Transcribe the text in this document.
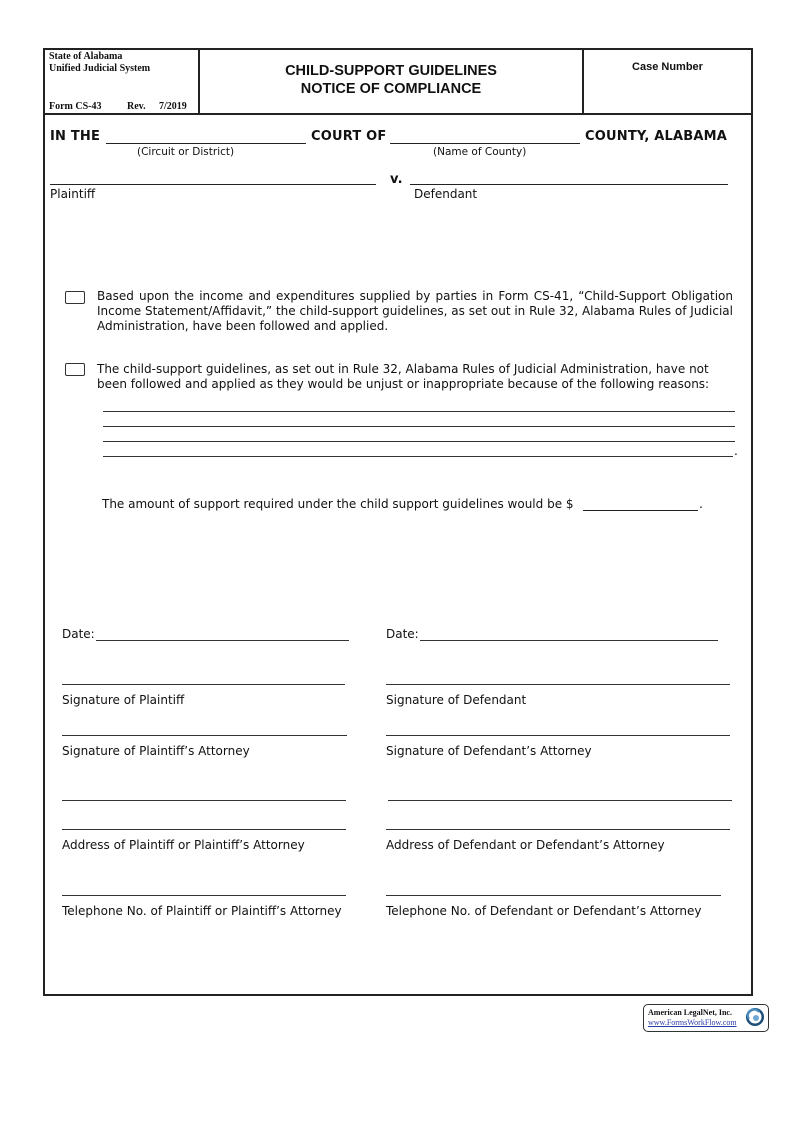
State of Alabama
Unified Judicial System
Form CS-43	Rev. 7/2019
CHILD-SUPPORT GUIDELINES
NOTICE OF COMPLIANCE
Case Number
IN THE	COURT OF	COUNTY, ALABAMA
(Circuit or District)	(Name of County)
v.
Plaintiff	Defendant
Based upon the income and expenditures supplied by parties in Form CS-41, “Child-Support Obligation Income Statement/Affidavit,” the child-support guidelines, as set out in Rule 32, Alabama Rules of Judicial Administration, have been followed and applied.
The child-support guidelines, as set out in Rule 32, Alabama Rules of Judicial Administration, have not been followed and applied as they would be unjust or inappropriate because of the following reasons:
.
The amount of support required under the child support guidelines would be $	.
Date:
Signature of Plaintiff
Signature of Plaintiff’s Attorney
Address of Plaintiff or Plaintiff’s Attorney
Telephone No. of Plaintiff or Plaintiff’s Attorney
Date:
Signature of Defendant
Signature of Defendant’s Attorney
Address of Defendant or Defendant’s Attorney
Telephone No. of Defendant or Defendant’s Attorney
American LegalNet, Inc.
www.FormsWorkFlow.com
